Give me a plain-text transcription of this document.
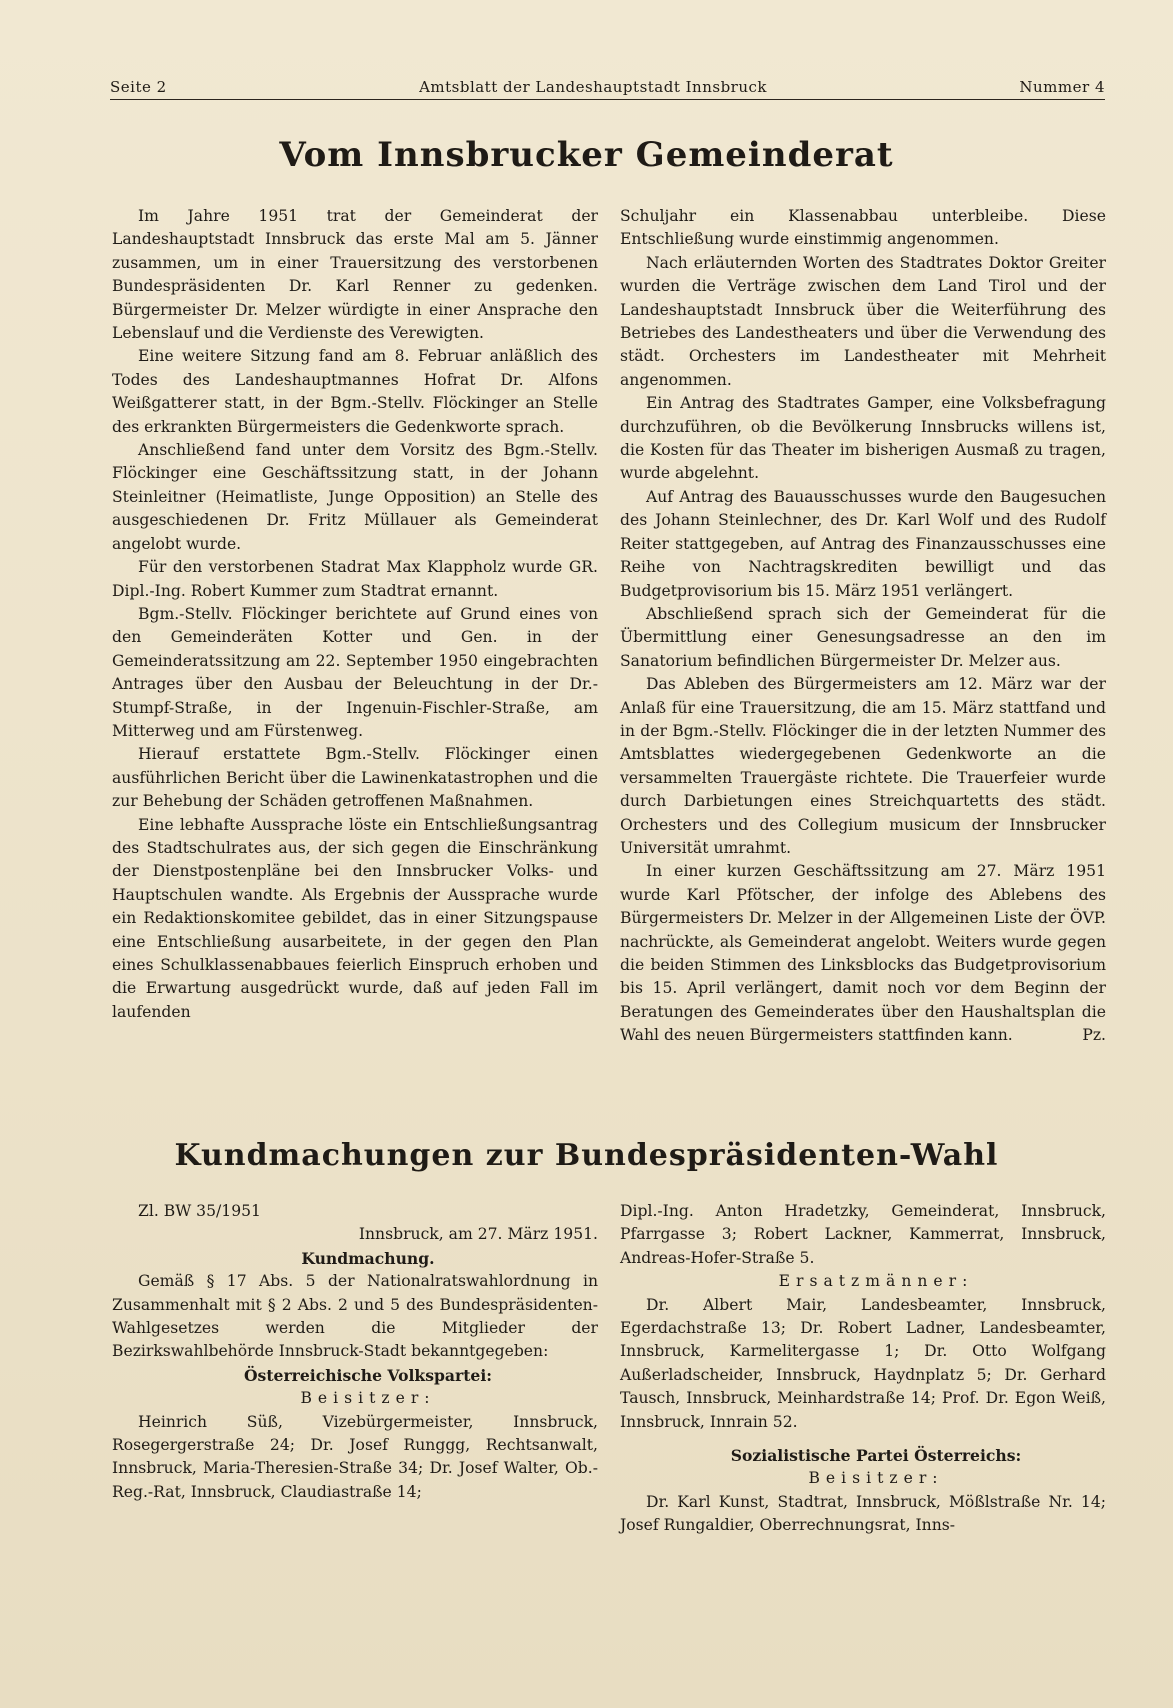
Seite 2	Amtsblatt der Landeshauptstadt Innsbruck	Nummer 4
Vom Innsbrucker Gemeinderat

Im Jahre 1951 trat der Gemeinderat der Landeshauptstadt Innsbruck das erste Mal am 5. Jänner zusammen, um in einer Trauersitzung des verstorbenen Bundespräsidenten Dr. Karl Renner zu gedenken. Bürgermeister Dr. Melzer würdigte in einer Ansprache den Lebenslauf und die Verdienste des Verewigten.

Eine weitere Sitzung fand am 8. Februar anläßlich des Todes des Landeshauptmannes Hofrat Dr. Alfons Weißgatterer statt, in der Bgm.-Stellv. Flöckinger an Stelle des erkrankten Bürgermeisters die Gedenkworte sprach.

Anschließend fand unter dem Vorsitz des Bgm.-Stellv. Flöckinger eine Geschäftssitzung statt, in der Johann Steinleitner (Heimatliste, Junge Opposition) an Stelle des ausgeschiedenen Dr. Fritz Müllauer als Gemeinderat angelobt wurde.

Für den verstorbenen Stadrat Max Klappholz wurde GR. Dipl.-Ing. Robert Kummer zum Stadtrat ernannt.

Bgm.-Stellv. Flöckinger berichtete auf Grund eines von den Gemeinderäten Kotter und Gen. in der Gemeinderatssitzung am 22. September 1950 eingebrachten Antrages über den Ausbau der Beleuchtung in der Dr.-Stumpf-Straße, in der Ingenuin-Fischler-Straße, am Mitterweg und am Fürstenweg.

Hierauf erstattete Bgm.-Stellv. Flöckinger einen ausführlichen Bericht über die Lawinenkatastrophen und die zur Behebung der Schäden getroffenen Maßnahmen.

Eine lebhafte Aussprache löste ein Entschließungsantrag des Stadtschulrates aus, der sich gegen die Einschränkung der Dienstpostenpläne bei den Innsbrucker Volks- und Hauptschulen wandte. Als Ergebnis der Aussprache wurde ein Redaktionskomitee gebildet, das in einer Sitzungspause eine Entschließung ausarbeitete, in der gegen den Plan eines Schulklassenabbaues feierlich Einspruch erhoben und die Erwartung ausgedrückt wurde, daß auf jeden Fall im laufenden

Schuljahr ein Klassenabbau unterbleibe. Diese Entschließung wurde einstimmig angenommen.

Nach erläuternden Worten des Stadtrates Doktor Greiter wurden die Verträge zwischen dem Land Tirol und der Landeshauptstadt Innsbruck über die Weiterführung des Betriebes des Landestheaters und über die Verwendung des städt. Orchesters im Landestheater mit Mehrheit angenommen.

Ein Antrag des Stadtrates Gamper, eine Volksbefragung durchzuführen, ob die Bevölkerung Innsbrucks willens ist, die Kosten für das Theater im bisherigen Ausmaß zu tragen, wurde abgelehnt.

Auf Antrag des Bauausschusses wurde den Baugesuchen des Johann Steinlechner, des Dr. Karl Wolf und des Rudolf Reiter stattgegeben, auf Antrag des Finanzausschusses eine Reihe von Nachtragskrediten bewilligt und das Budgetprovisorium bis 15. März 1951 verlängert.

Abschließend sprach sich der Gemeinderat für die Übermittlung einer Genesungsadresse an den im Sanatorium befindlichen Bürgermeister Dr. Melzer aus.

Das Ableben des Bürgermeisters am 12. März war der Anlaß für eine Trauersitzung, die am 15. März stattfand und in der Bgm.-Stellv. Flöckinger die in der letzten Nummer des Amtsblattes wiedergegebenen Gedenkworte an die versammelten Trauergäste richtete. Die Trauerfeier wurde durch Darbietungen eines Streichquartetts des städt. Orchesters und des Collegium musicum der Innsbrucker Universität umrahmt.

In einer kurzen Geschäftssitzung am 27. März 1951 wurde Karl Pfötscher, der infolge des Ablebens des Bürgermeisters Dr. Melzer in der Allgemeinen Liste der ÖVP. nachrückte, als Gemeinderat angelobt. Weiters wurde gegen die beiden Stimmen des Linksblocks das Budgetprovisorium bis 15. April verlängert, damit noch vor dem Beginn der Beratungen des Gemeinderates über den Haushaltsplan die Wahl des neuen Bürgermeisters stattfinden kann.	Pz.

Kundmachungen zur Bundespräsidenten-Wahl

Zl. BW 35/1951

Innsbruck, am 27. März 1951.

Kundmachung.

Gemäß § 17 Abs. 5 der Nationalratswahlordnung in Zusammenhalt mit § 2 Abs. 2 und 5 des Bundespräsidenten-Wahlgesetzes werden die Mitglieder der Bezirkswahlbehörde Innsbruck-Stadt bekanntgegeben:

Österreichische Volkspartei:

Beisitzer:

Heinrich Süß, Vizebürgermeister, Innsbruck, Rosegergerstraße 24; Dr. Josef Runggg, Rechtsanwalt, Innsbruck, Maria-Theresien-Straße 34; Dr. Josef Walter, Ob.-Reg.-Rat, Innsbruck, Claudiastraße 14;

Dipl.-Ing. Anton Hradetzky, Gemeinderat, Innsbruck, Pfarrgasse 3; Robert Lackner, Kammerrat, Innsbruck, Andreas-Hofer-Straße 5.

Ersatzmänner:

Dr. Albert Mair, Landesbeamter, Innsbruck, Egerdachstraße 13; Dr. Robert Ladner, Landesbeamter, Innsbruck, Karmelitergasse 1; Dr. Otto Wolfgang Außerladscheider, Innsbruck, Haydnplatz 5; Dr. Gerhard Tausch, Innsbruck, Meinhardstraße 14; Prof. Dr. Egon Weiß, Innsbruck, Innrain 52.

Sozialistische Partei Österreichs:

Beisitzer:

Dr. Karl Kunst, Stadtrat, Innsbruck, Mößlstraße Nr. 14; Josef Rungaldier, Oberrechnungsrat, Inns-
